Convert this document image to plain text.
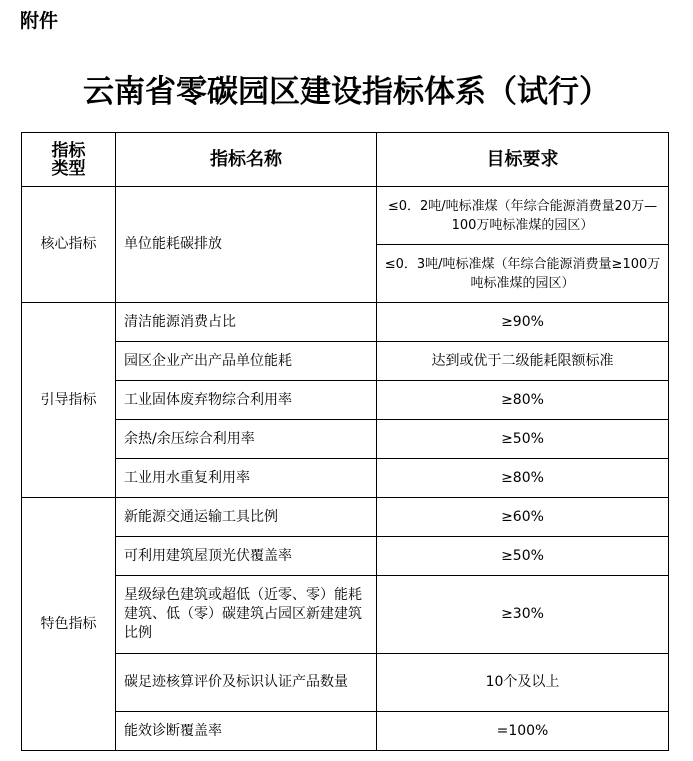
附件
云南省零碳园区建设指标体系（试行）
指标
类型	指标名称	目标要求
核心指标	单位能耗碳排放	≤0．2吨/吨标准煤（年综合能源消费量20万—100万吨标准煤的园区）
		≤0．3吨/吨标准煤（年综合能源消费量≥100万吨标准煤的园区）
引导指标	清洁能源消费占比	≥90%
	园区企业产出产品单位能耗	达到或优于二级能耗限额标准
	工业固体废弃物综合利用率	≥80%
	余热/余压综合利用率	≥50%
	工业用水重复利用率	≥80%
特色指标	新能源交通运输工具比例	≥60%
	可利用建筑屋顶光伏覆盖率	≥50%
	星级绿色建筑或超低（近零、零）能耗建筑、低（零）碳建筑占园区新建建筑比例	≥30%
	碳足迹核算评价及标识认证产品数量	10个及以上
	能效诊断覆盖率	=100%
